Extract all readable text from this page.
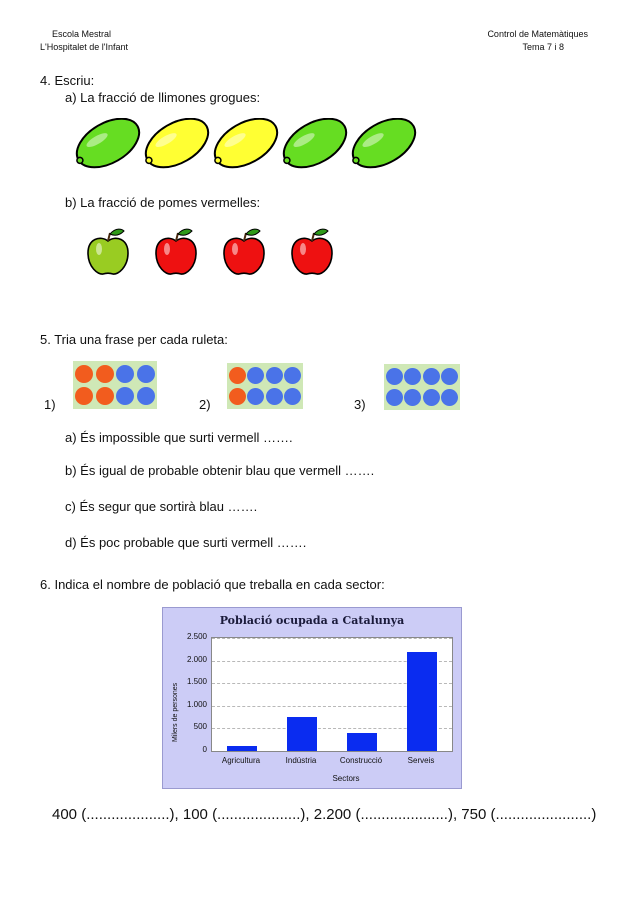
Escola Mestral
L'Hospitalet de l'Infant
Control de Matemàtiques
Tema 7 i 8
4. Escriu:
a) La fracció de llimones grogues:
b) La fracció de pomes vermelles:
5. Tria una frase per cada ruleta:
1)	2)	3)
a) És impossible que surti vermell …….
b) És igual de probable obtenir blau que vermell …….
c) És segur que sortirà blau …….
d) És poc probable que surti vermell …….
6. Indica el nombre de població que treballa en cada sector:
Població ocupada a Catalunya
Milers de persones
Sectors
0
500
1.000
1.500
2.000
2.500
Agricultura	Indústria	Construcció	Serveis
400 (....................), 100 (....................), 2.200 (.....................), 750 (.......................)
